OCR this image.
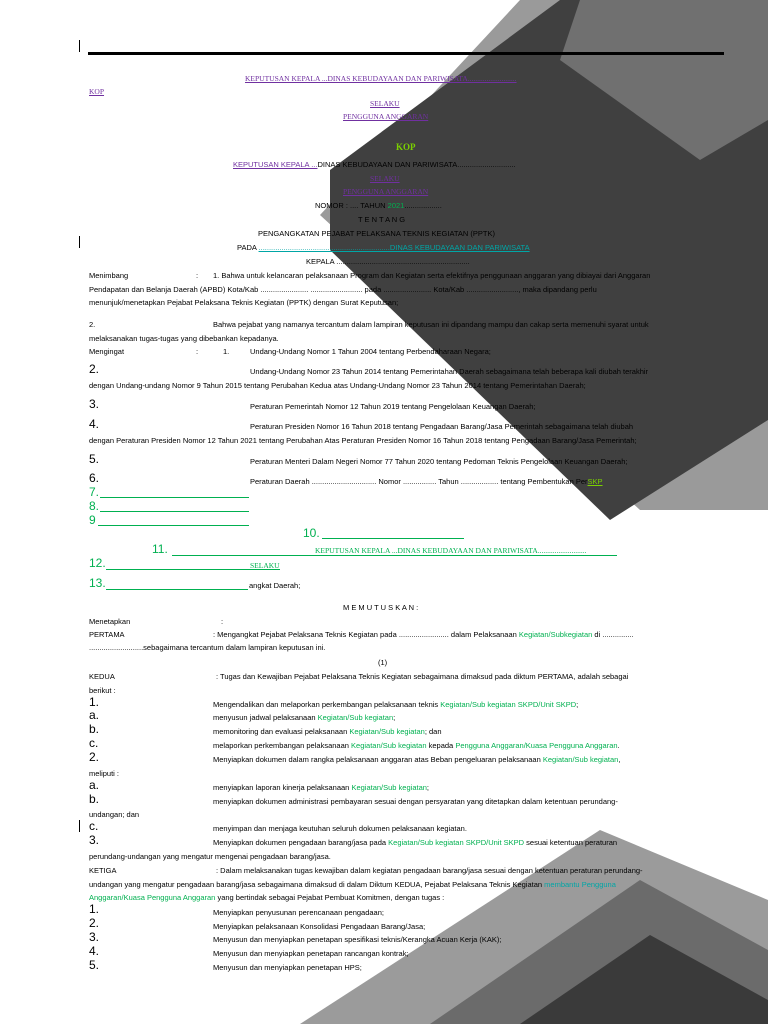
KEPUTUSAN KEPALA ...DINAS KEBUDAYAAN DAN PARIWISATA..........................
KOP
SELAKU
PENGGUNA ANGGARAN
KOP
KEPUTUSAN KEPALA ...DINAS KEBUDAYAAN DAN PARIWISATA............................
SELAKU
PENGGUNA ANGGARAN
NOMOR : .... TAHUN 2021..................
T E N T A N G
PENGANGKATAN PEJABAT PELAKSANA TEKNIS KEGIATAN (PPTK)
PADA ...............................................................DINAS KEBUDAYAAN DAN PARIWISATA
KEPALA ................................................................
Menimbang	: 1. Bahwa untuk kelancaran pelaksanaan Program dan Kegiatan serta efektifnya penggunaan anggaran yang dibiayai dari Anggaran
Pendapatan dan Belanja Daerah (APBD) Kota/Kab ....................... ......................... pada ....................... Kota/Kab ........................., maka dipandang perlu
menunjuk/menetapkan Pejabat Pelaksana Teknis Kegiatan (PPTK) dengan Surat Keputusan;
2.	Bahwa pejabat yang namanya tercantum dalam lampiran keputusan ini dipandang mampu dan cakap serta memenuhi syarat untuk
melaksanakan tugas-tugas yang dibebankan kepadanya.
Mengingat	:	1.	Undang-Undang Nomor 1 Tahun 2004 tentang Perbendaharaan Negara;
2.	Undang-Undang Nomor 23 Tahun 2014 tentang Pemerintahan Daerah sebagaimana telah beberapa kali diubah terakhir
dengan Undang-undang Nomor 9 Tahun 2015 tentang Perubahan Kedua atas Undang-Undang Nomor 23 Tahun 2014 tentang Pemerintahan Daerah;
3.	Peraturan Pemerintah Nomor 12 Tahun 2019 tentang Pengelolaan Keuangan Daerah;
4.	Peraturan Presiden Nomor 16 Tahun 2018 tentang Pengadaan Barang/Jasa Pemerintah sebagaimana telah diubah
dengan Peraturan Presiden Nomor 12 Tahun 2021 tentang Perubahan Atas Peraturan Presiden Nomor 16 Tahun 2018 tentang Pengadaan Barang/Jasa Pemerintah;
5.	Peraturan Menteri Dalam Negeri Nomor 77 Tahun 2020 tentang Pedoman Teknis Pengelolaan Keuangan Daerah;
6.	Peraturan Daerah ............................... Nomor ................ Tahun .................. tentang Pembentukan PerSKP
7.
8.
9
10.
11.	KEPUTUSAN KEPALA ...DINAS KEBUDAYAAN DAN PARIWISATA..........................
12.	SELAKU
13.	angkat Daerah;
M E M U T U S K A N :
Menetapkan	:
PERTAMA	: Mengangkat Pejabat Pelaksana Teknis Kegiatan pada ........................ dalam Pelaksanaan Kegiatan/Subkegiatan di ...............
..........................sebagaimana tercantum dalam lampiran keputusan ini.
(1)
KEDUA	: Tugas dan Kewajiban Pejabat Pelaksana Teknis Kegiatan sebagaimana dimaksud pada diktum PERTAMA, adalah sebagai
berikut :
1.	Mengendalikan dan melaporkan perkembangan pelaksanaan teknis Kegiatan/Sub kegiatan SKPD/Unit SKPD;
a.	menyusun jadwal pelaksanaan Kegiatan/Sub kegiatan;
b.	memonitoring dan evaluasi pelaksanaan Kegiatan/Sub kegiatan; dan
c.	melaporkan perkembangan pelaksanaan Kegiatan/Sub kegiatan kepada Pengguna Anggaran/Kuasa Pengguna Anggaran.
2.	Menyiapkan dokumen dalam rangka pelaksanaan anggaran atas Beban pengeluaran pelaksanaan Kegiatan/Sub kegiatan,
meliputi :
a.	menyiapkan laporan kinerja pelaksanaan Kegiatan/Sub kegiatan;
b.	menyiapkan dokumen administrasi pembayaran sesuai dengan persyaratan yang ditetapkan dalam ketentuan perundang-
undangan; dan
c.	menyimpan dan menjaga keutuhan seluruh dokumen pelaksanaan kegiatan.
3.	Menyiapkan dokumen pengadaan barang/jasa pada Kegiatan/Sub kegiatan SKPD/Unit SKPD sesuai ketentuan peraturan
perundang-undangan yang mengatur mengenai pengadaan barang/jasa.
KETIGA	: Dalam melaksanakan tugas kewajiban dalam kegiatan pengadaan barang/jasa sesuai dengan ketentuan peraturan perundang-
undangan yang mengatur pengadaan barang/jasa sebagaimana dimaksud di dalam Diktum KEDUA, Pejabat Pelaksana Teknis Kegiatan membantu Pengguna
Anggaran/Kuasa Pengguna Anggaran yang bertindak sebagai Pejabat Pembuat Komitmen, dengan tugas :
1.	Menyiapkan penyusunan perencanaan pengadaan;
2.	Menyiapkan pelaksanaan Konsolidasi Pengadaan Barang/Jasa;
3.	Menyusun dan menyiapkan penetapan spesifikasi teknis/Kerangka Acuan Kerja (KAK);
4.	Menyusun dan menyiapkan penetapan rancangan kontrak;
5.	Menyusun dan menyiapkan penetapan HPS;
